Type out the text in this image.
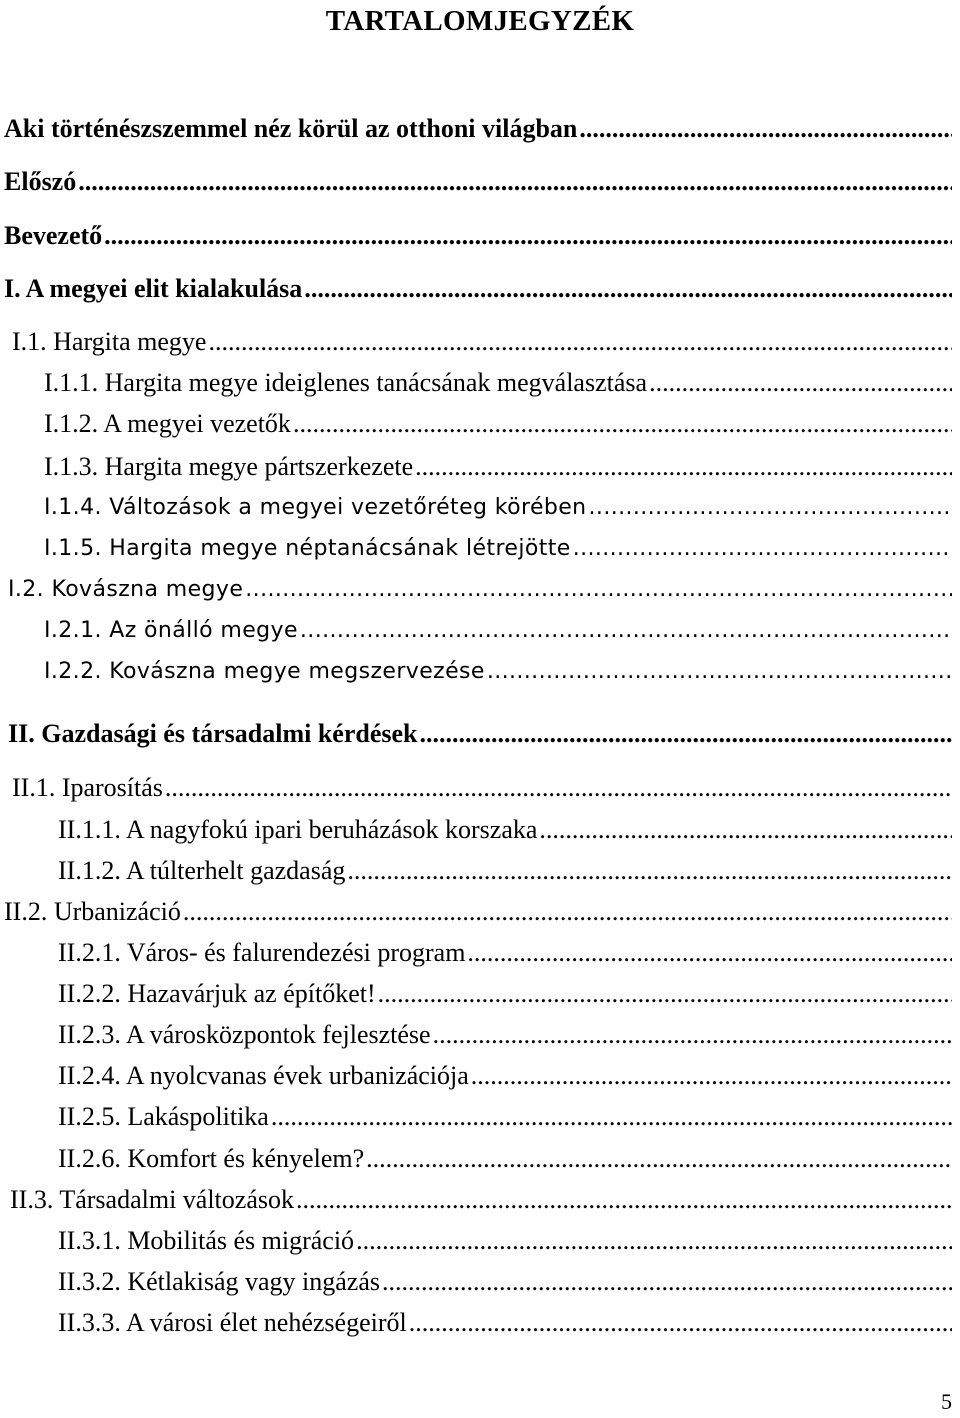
TARTALOMJEGYZÉK
Aki történészszemmel néz körül az otthoni világban
.....
Előszó
.....
Bevezető
.....
I. A megyei elit kialakulása
.....
I.1. Hargita megye
.....
I.1.1. Hargita megye ideiglenes tanácsának megválasztása
.....
I.1.2. A megyei vezetők
.....
I.1.3. Hargita megye pártszerkezete
.....
I.1.4. Változások a megyei vezetőréteg körében
.....
I.1.5. Hargita megye néptanácsának létrejötte
.....
I.2. Kovászna megye
.....
I.2.1. Az önálló megye
.....
I.2.2. Kovászna megye megszervezése
.....
II. Gazdasági és társadalmi kérdések
.....
II.1. Iparosítás
.....
II.1.1. A nagyfokú ipari beruházások korszaka
.....
II.1.2. A túlterhelt gazdaság
.....
II.2. Urbanizáció
.....
II.2.1. Város- és falurendezési program
.....
II.2.2. Hazavárjuk az építőket!
.....
II.2.3. A városközpontok fejlesztése
.....
II.2.4. A nyolcvanas évek urbanizációja
.....
II.2.5. Lakáspolitika
.....
II.2.6. Komfort és kényelem?
.....
II.3. Társadalmi változások
.....
II.3.1. Mobilitás és migráció
.....
II.3.2. Kétlakiság vagy ingázás
.....
II.3.3. A városi élet nehézségeiről
.....
5
